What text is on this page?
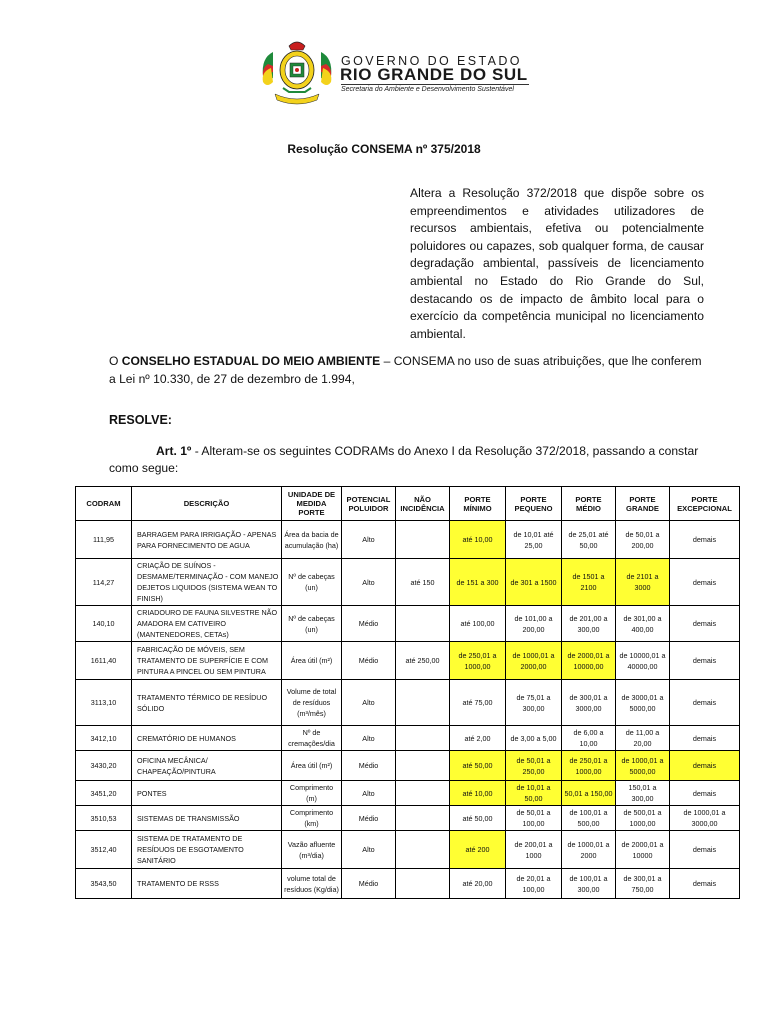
GOVERNO DO ESTADO
RIO GRANDE DO SUL
Secretaria do Ambiente e Desenvolvimento Sustentável
Resolução CONSEMA nº 375/2018
Altera a Resolução 372/2018 que dispõe sobre os empreendimentos e atividades utilizadores de recursos ambientais, efetiva ou potencialmente poluidores ou capazes, sob qualquer forma, de causar degradação ambiental, passíveis de licenciamento ambiental no Estado do Rio Grande do Sul, destacando os de impacto de âmbito local para o exercício da competência municipal no licenciamento ambiental.
O CONSELHO ESTADUAL DO MEIO AMBIENTE – CONSEMA no uso de suas atribuições, que lhe conferem a Lei nº 10.330, de 27 de dezembro de 1.994,
RESOLVE:
Art. 1º - Alteram-se os seguintes CODRAMs do Anexo I da Resolução 372/2018, passando a constar como segue:
CODRAM	DESCRIÇÃO	UNIDADE DE MEDIDA PORTE	POTENCIAL POLUIDOR	NÃO INCIDÊNCIA	PORTE MÍNIMO	PORTE PEQUENO	PORTE MÉDIO	PORTE GRANDE	PORTE EXCEPCIONAL
111,95	BARRAGEM PARA IRRIGAÇÃO - APENAS PARA FORNECIMENTO DE AGUA	Área da bacia de acumulação (ha)	Alto		até 10,00	de 10,01 até 25,00	de 25,01 até 50,00	de 50,01 a 200,00	demais
114,27	CRIAÇÃO DE SUÍNOS - DESMAME/TERMINAÇÃO - COM MANEJO DEJETOS LIQUIDOS (SISTEMA WEAN TO FINISH)	Nº de cabeças (un)	Alto	até 150	de 151 a 300	de 301 a 1500	de 1501 a 2100	de 2101 a 3000	demais
140,10	CRIADOURO DE FAUNA SILVESTRE NÃO AMADORA EM CATIVEIRO (MANTENEDORES, CETAs)	Nº de cabeças (un)	Médio		até 100,00	de 101,00 a 200,00	de 201,00 a 300,00	de 301,00 a 400,00	demais
1611,40	FABRICAÇÃO DE MÓVEIS, SEM TRATAMENTO DE SUPERFÍCIE E COM PINTURA A PINCEL OU SEM PINTURA	Área útil (m²)	Médio	até 250,00	de 250,01 a 1000,00	de 1000,01 a 2000,00	de 2000,01 a 10000,00	de 10000,01 a 40000,00	demais
3113,10	TRATAMENTO TÉRMICO DE RESÍDUO SÓLIDO	Volume de total de resíduos (m³/mês)	Alto		até 75,00	de 75,01 a 300,00	de 300,01 a 3000,00	de 3000,01 a 5000,00	demais
3412,10	CREMATÓRIO DE HUMANOS	Nº de cremações/dia	Alto		até 2,00	de 3,00 a 5,00	de 6,00 a 10,00	de 11,00 a 20,00	demais
3430,20	OFICINA MECÂNICA/ CHAPEAÇÃO/PINTURA	Área útil (m²)	Médio		até 50,00	de 50,01 a 250,00	de 250,01 a 1000,00	de 1000,01 a 5000,00	demais
3451,20	PONTES	Comprimento (m)	Alto		até 10,00	de 10,01 a 50,00	50,01 a 150,00	150,01 a 300,00	demais
3510,53	SISTEMAS DE TRANSMISSÃO	Comprimento (km)	Médio		até 50,00	de 50,01 a 100,00	de 100,01 a 500,00	de 500,01 a 1000,00	de 1000,01 a 3000,00
3512,40	SISTEMA DE TRATAMENTO DE RESÍDUOS DE ESGOTAMENTO SANITÁRIO	Vazão afluente (m³/dia)	Alto		até 200	de 200,01 a 1000	de 1000,01 a 2000	de 2000,01 a 10000	demais
3543,50	TRATAMENTO DE RSSS	volume total de resíduos (Kg/dia)	Médio		até 20,00	de 20,01 a 100,00	de 100,01 a 300,00	de 300,01 a 750,00	demais
